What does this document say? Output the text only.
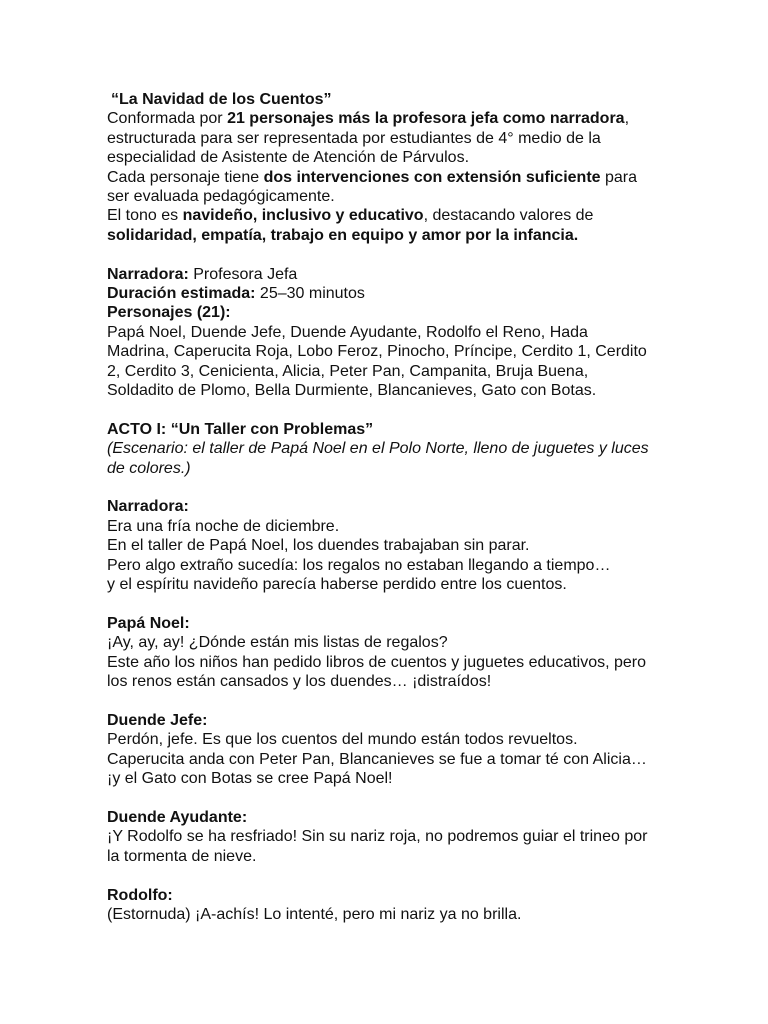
“La Navidad de los Cuentos”
Conformada por 21 personajes más la profesora jefa como narradora,
estructurada para ser representada por estudiantes de 4° medio de la
especialidad de Asistente de Atención de Párvulos.
Cada personaje tiene dos intervenciones con extensión suficiente para
ser evaluada pedagógicamente.
El tono es navideño, inclusivo y educativo, destacando valores de
solidaridad, empatía, trabajo en equipo y amor por la infancia.
Narradora: Profesora Jefa
Duración estimada: 25–30 minutos
Personajes (21):
Papá Noel, Duende Jefe, Duende Ayudante, Rodolfo el Reno, Hada
Madrina, Caperucita Roja, Lobo Feroz, Pinocho, Príncipe, Cerdito 1, Cerdito
2, Cerdito 3, Cenicienta, Alicia, Peter Pan, Campanita, Bruja Buena,
Soldadito de Plomo, Bella Durmiente, Blancanieves, Gato con Botas.
ACTO I: “Un Taller con Problemas”
(Escenario: el taller de Papá Noel en el Polo Norte, lleno de juguetes y luces
de colores.)
Narradora:
Era una fría noche de diciembre.
En el taller de Papá Noel, los duendes trabajaban sin parar.
Pero algo extraño sucedía: los regalos no estaban llegando a tiempo…
y el espíritu navideño parecía haberse perdido entre los cuentos.
Papá Noel:
¡Ay, ay, ay! ¿Dónde están mis listas de regalos?
Este año los niños han pedido libros de cuentos y juguetes educativos, pero
los renos están cansados y los duendes… ¡distraídos!
Duende Jefe:
Perdón, jefe. Es que los cuentos del mundo están todos revueltos.
Caperucita anda con Peter Pan, Blancanieves se fue a tomar té con Alicia…
¡y el Gato con Botas se cree Papá Noel!
Duende Ayudante:
¡Y Rodolfo se ha resfriado! Sin su nariz roja, no podremos guiar el trineo por
la tormenta de nieve.
Rodolfo:
(Estornuda) ¡A-achís! Lo intenté, pero mi nariz ya no brilla.
